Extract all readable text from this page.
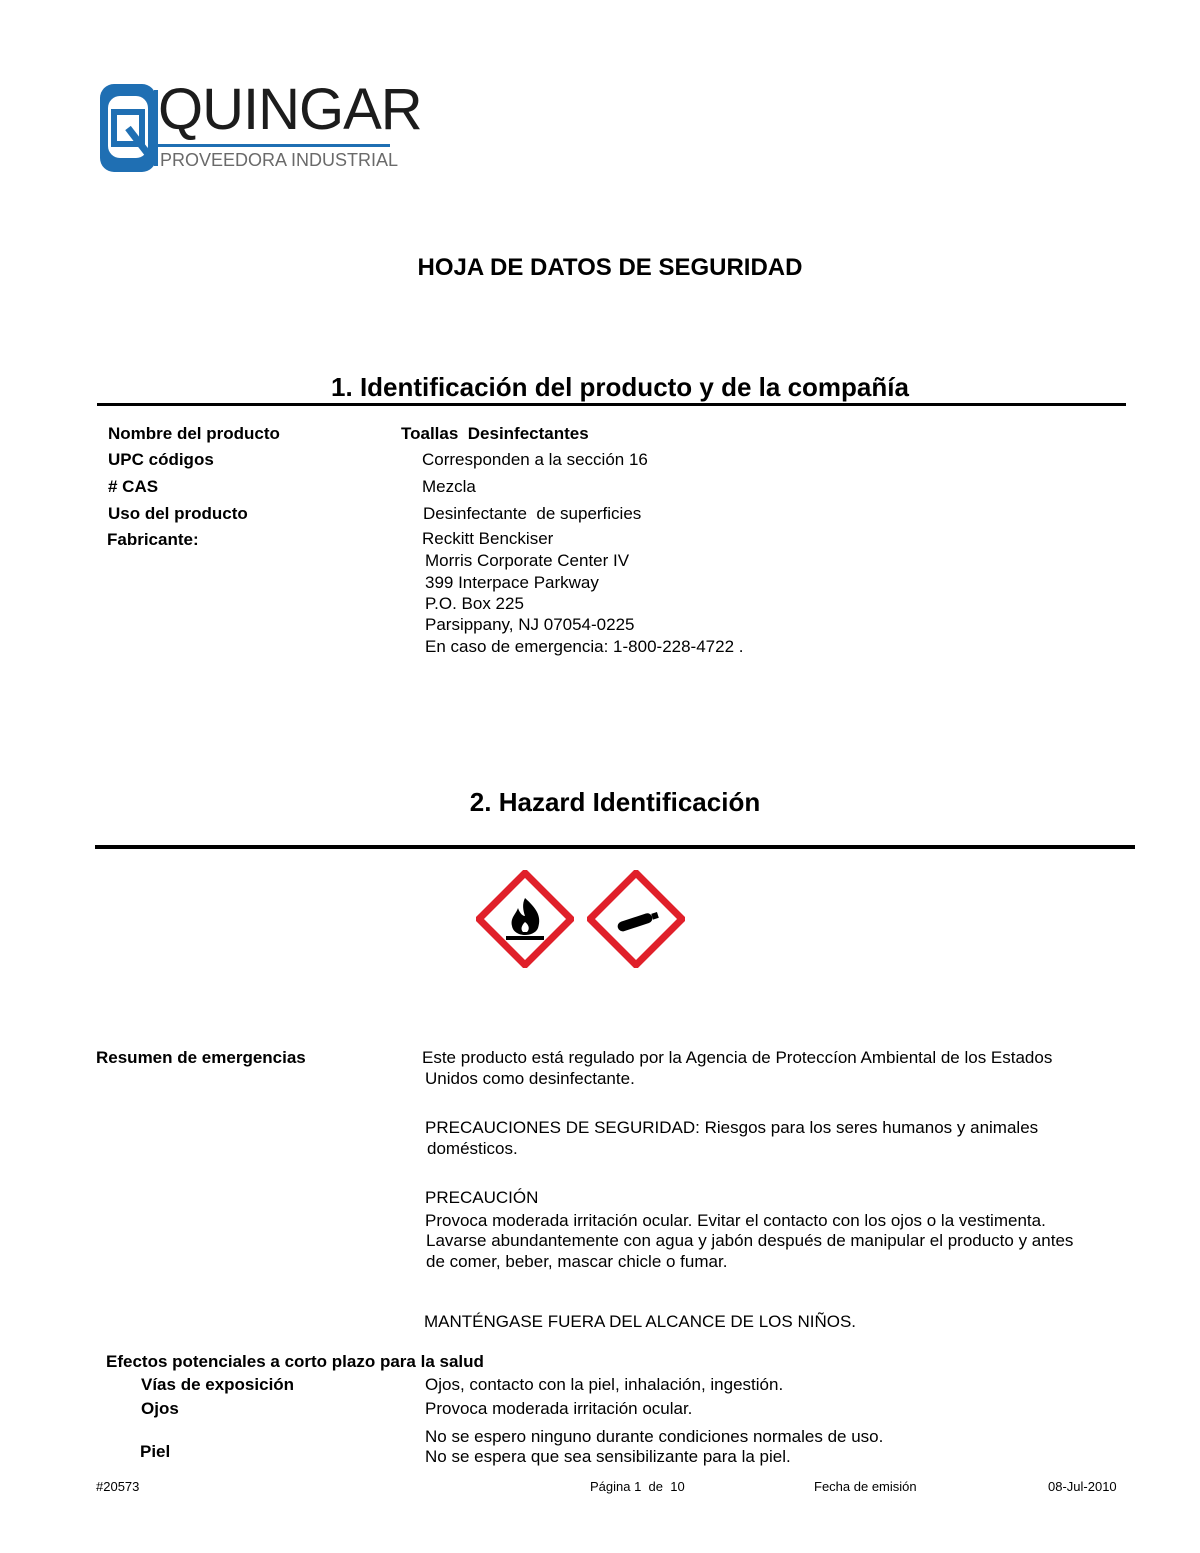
QUINGAR
PROVEEDORA INDUSTRIAL
HOJA DE DATOS DE SEGURIDAD
1. Identificación del producto y de la compañía
Nombre del producto	Toallas  Desinfectantes
UPC códigos	Corresponden a la sección 16
# CAS	Mezcla
Uso del producto	Desinfectante  de superficies
Fabricante:	Reckitt Benckiser
Morris Corporate Center IV
399 Interpace Parkway
P.O. Box 225
Parsippany, NJ 07054-0225
En caso de emergencia: 1-800-228-4722 .
2. Hazard Identificación
Resumen de emergencias	Este producto está regulado por la Agencia de Proteccíon Ambiental de los Estados
Unidos como desinfectante.
PRECAUCIONES DE SEGURIDAD: Riesgos para los seres humanos y animales
domésticos.
PRECAUCIÓN
Provoca moderada irritación ocular. Evitar el contacto con los ojos o la vestimenta.
Lavarse abundantemente con agua y jabón después de manipular el producto y antes
de comer, beber, mascar chicle o fumar.
MANTÉNGASE FUERA DEL ALCANCE DE LOS NIÑOS.
Efectos potenciales a corto plazo para la salud
Vías de exposición	Ojos, contacto con la piel, inhalación, ingestión.
Ojos	Provoca moderada irritación ocular.
Piel
No se espero ninguno durante condiciones normales de uso.
No se espera que sea sensibilizante para la piel.
#20573	Página 1  de  10	Fecha de emisión	08-Jul-2010
